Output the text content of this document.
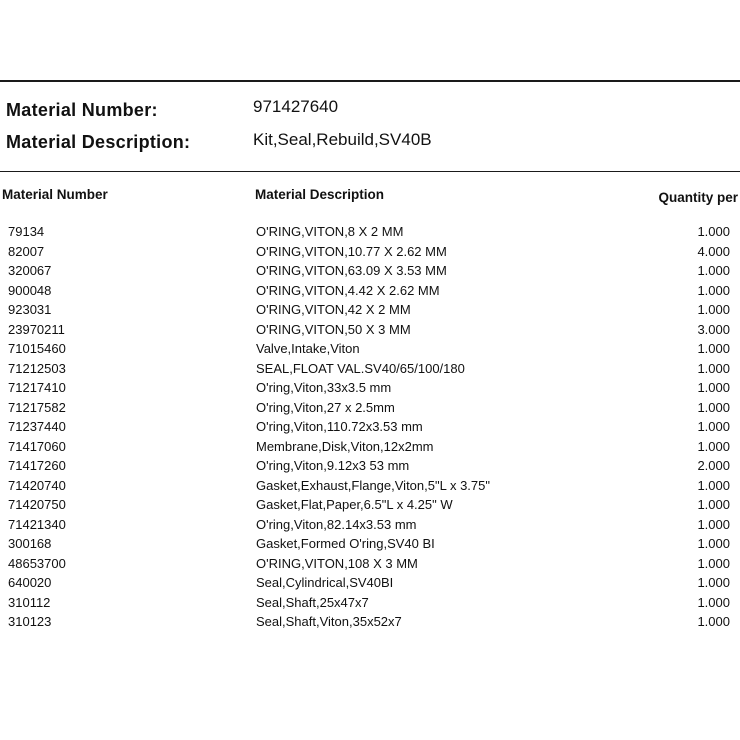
Material Number:	971427640
Material Description:	Kit,Seal,Rebuild,SV40B
Material Number	Material Description	Quantity per
79134	O'RING,VITON,8 X 2 MM	1.000
82007	O'RING,VITON,10.77 X 2.62 MM	4.000
320067	O'RING,VITON,63.09 X 3.53 MM	1.000
900048	O'RING,VITON,4.42 X 2.62 MM	1.000
923031	O'RING,VITON,42 X 2 MM	1.000
23970211	O'RING,VITON,50 X 3 MM	3.000
71015460	Valve,Intake,Viton	1.000
71212503	SEAL,FLOAT VAL.SV40/65/100/180	1.000
71217410	O'ring,Viton,33x3.5 mm	1.000
71217582	O'ring,Viton,27 x 2.5mm	1.000
71237440	O'ring,Viton,110.72x3.53 mm	1.000
71417060	Membrane,Disk,Viton,12x2mm	1.000
71417260	O'ring,Viton,9.12x3 53 mm	2.000
71420740	Gasket,Exhaust,Flange,Viton,5"L x 3.75"	1.000
71420750	Gasket,Flat,Paper,6.5"L x 4.25" W	1.000
71421340	O'ring,Viton,82.14x3.53 mm	1.000
300168	Gasket,Formed O'ring,SV40 BI	1.000
48653700	O'RING,VITON,108 X 3 MM	1.000
640020	Seal,Cylindrical,SV40BI	1.000
310112	Seal,Shaft,25x47x7	1.000
310123	Seal,Shaft,Viton,35x52x7	1.000
